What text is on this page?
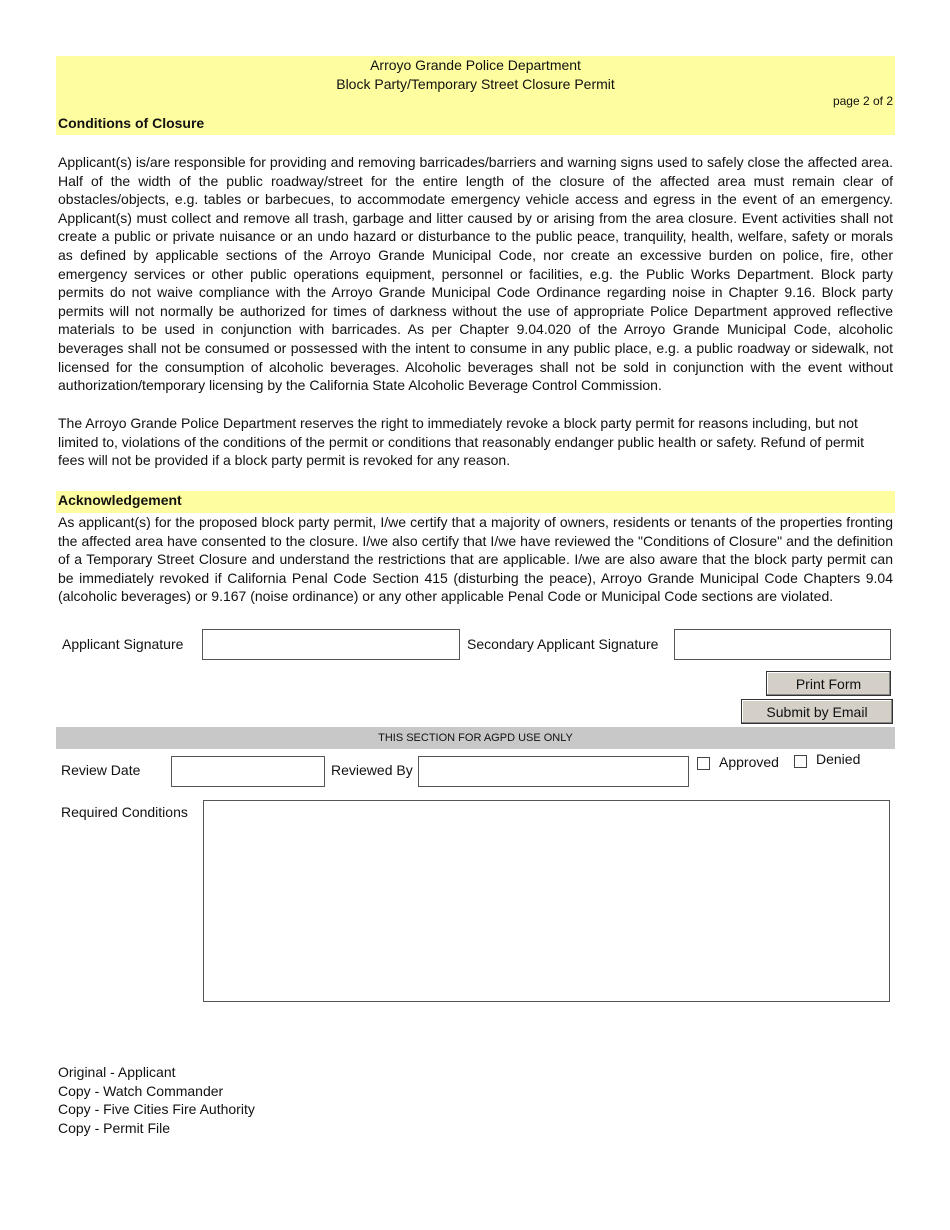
Arroyo Grande Police Department
Block Party/Temporary Street Closure Permit
page 2 of 2
Conditions of Closure

Applicant(s) is/are responsible for providing and removing barricades/barriers and warning signs used to safely close the affected area. Half of the width of the public roadway/street for the entire length of the closure of the affected area must remain clear of obstacles/objects, e.g. tables or barbecues, to accommodate emergency vehicle access and egress in the event of an emergency. Applicant(s) must collect and remove all trash, garbage and litter caused by or arising from the area closure. Event activities shall not create a public or private nuisance or an undo hazard or disturbance to the public peace, tranquility, health, welfare, safety or morals as defined by applicable sections of the Arroyo Grande Municipal Code, nor create an excessive burden on police, fire, other emergency services or other public operations equipment, personnel or facilities, e.g. the Public Works Department. Block party permits do not waive compliance with the Arroyo Grande Municipal Code Ordinance regarding noise in Chapter 9.16. Block party permits will not normally be authorized for times of darkness without the use of appropriate Police Department approved reflective materials to be used in conjunction with barricades. As per Chapter 9.04.020 of the Arroyo Grande Municipal Code, alcoholic beverages shall not be consumed or possessed with the intent to consume in any public place, e.g. a public roadway or sidewalk, not licensed for the consumption of alcoholic beverages. Alcoholic beverages shall not be sold in conjunction with the event without authorization/temporary licensing by the California State Alcoholic Beverage Control Commission.

The Arroyo Grande Police Department reserves the right to immediately revoke a block party permit for reasons including, but not limited to, violations of the conditions of the permit or conditions that reasonably endanger public health or safety. Refund of permit fees will not be provided if a block party permit is revoked for any reason.

Acknowledgement

As applicant(s) for the proposed block party permit, I/we certify that a majority of owners, residents or tenants of the properties fronting the affected area have consented to the closure. I/we also certify that I/we have reviewed the "Conditions of Closure" and the definition of a Temporary Street Closure and understand the restrictions that are applicable. I/we are also aware that the block party permit can be immediately revoked if California Penal Code Section 415 (disturbing the peace), Arroyo Grande Municipal Code Chapters 9.04 (alcoholic beverages) or 9.167 (noise ordinance) or any other applicable Penal Code or Municipal Code sections are violated.

Applicant Signature	Secondary Applicant Signature
Print Form
Submit by Email
THIS SECTION FOR AGPD USE ONLY
Review Date	Reviewed By	Approved	Denied
Required Conditions
Original - Applicant
Copy - Watch Commander
Copy - Five Cities Fire Authority
Copy - Permit File
